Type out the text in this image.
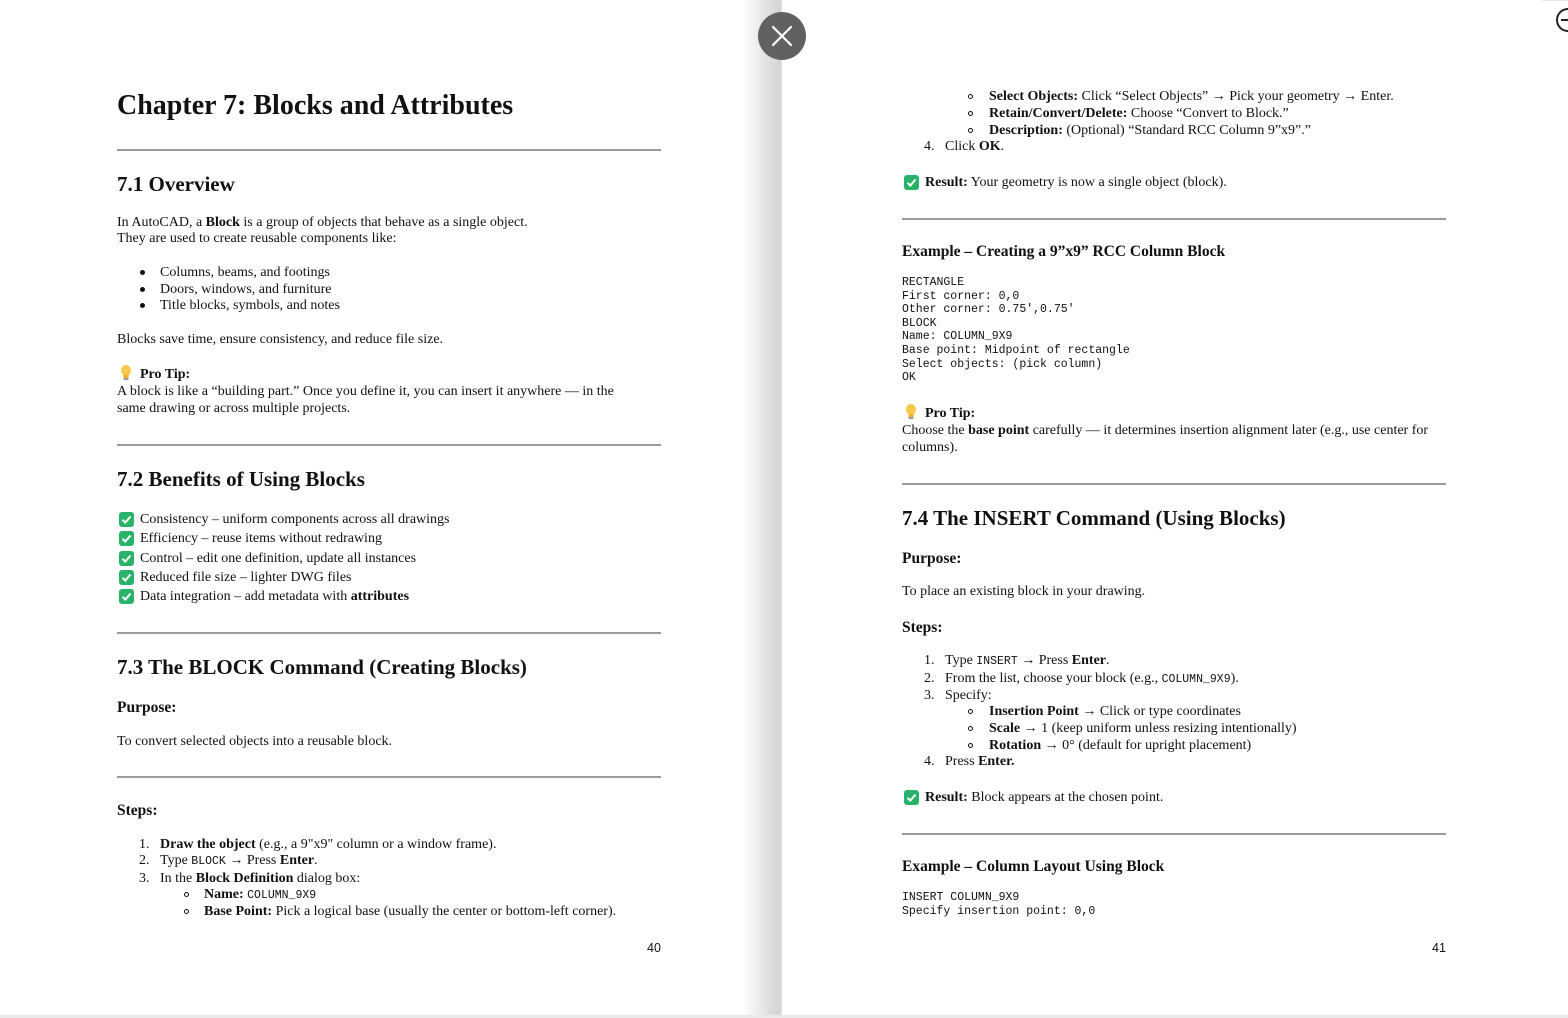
Chapter 7: Blocks and Attributes
7.1 Overview
In AutoCAD, a Block is a group of objects that behave as a single object.
They are used to create reusable components like:
Columns, beams, and footings
Doors, windows, and furniture
Title blocks, symbols, and notes
Blocks save time, ensure consistency, and reduce file size.
Pro Tip:
A block is like a “building part.” Once you define it, you can insert it anywhere — in the
same drawing or across multiple projects.
7.2 Benefits of Using Blocks
Consistency – uniform components across all drawings
Efficiency – reuse items without redrawing
Control – edit one definition, update all instances
Reduced file size – lighter DWG files
Data integration – add metadata with attributes
7.3 The BLOCK Command (Creating Blocks)
Purpose:
To convert selected objects into a reusable block.
Steps:
1. Draw the object (e.g., a 9"x9" column or a window frame).
2. Type BLOCK → Press Enter.
3. In the Block Definition dialog box:
Name: COLUMN_9X9
Base Point: Pick a logical base (usually the center or bottom-left corner).
40
Select Objects: Click “Select Objects” → Pick your geometry → Enter.
Retain/Convert/Delete: Choose “Convert to Block.”
Description: (Optional) “Standard RCC Column 9”x9”.”
4. Click OK.
Result: Your geometry is now a single object (block).
Example – Creating a 9”x9” RCC Column Block
RECTANGLE
First corner: 0,0
Other corner: 0.75′,0.75′
BLOCK
Name: COLUMN_9X9
Base point: Midpoint of rectangle
Select objects: (pick column)
OK
Pro Tip:
Choose the base point carefully — it determines insertion alignment later (e.g., use center for
columns).
7.4 The INSERT Command (Using Blocks)
Purpose:
To place an existing block in your drawing.
Steps:
1. Type INSERT → Press Enter.
2. From the list, choose your block (e.g., COLUMN_9X9).
3. Specify:
Insertion Point → Click or type coordinates
Scale → 1 (keep uniform unless resizing intentionally)
Rotation → 0° (default for upright placement)
4. Press Enter.
Result: Block appears at the chosen point.
Example – Column Layout Using Block
INSERT COLUMN_9X9
Specify insertion point: 0,0
41
